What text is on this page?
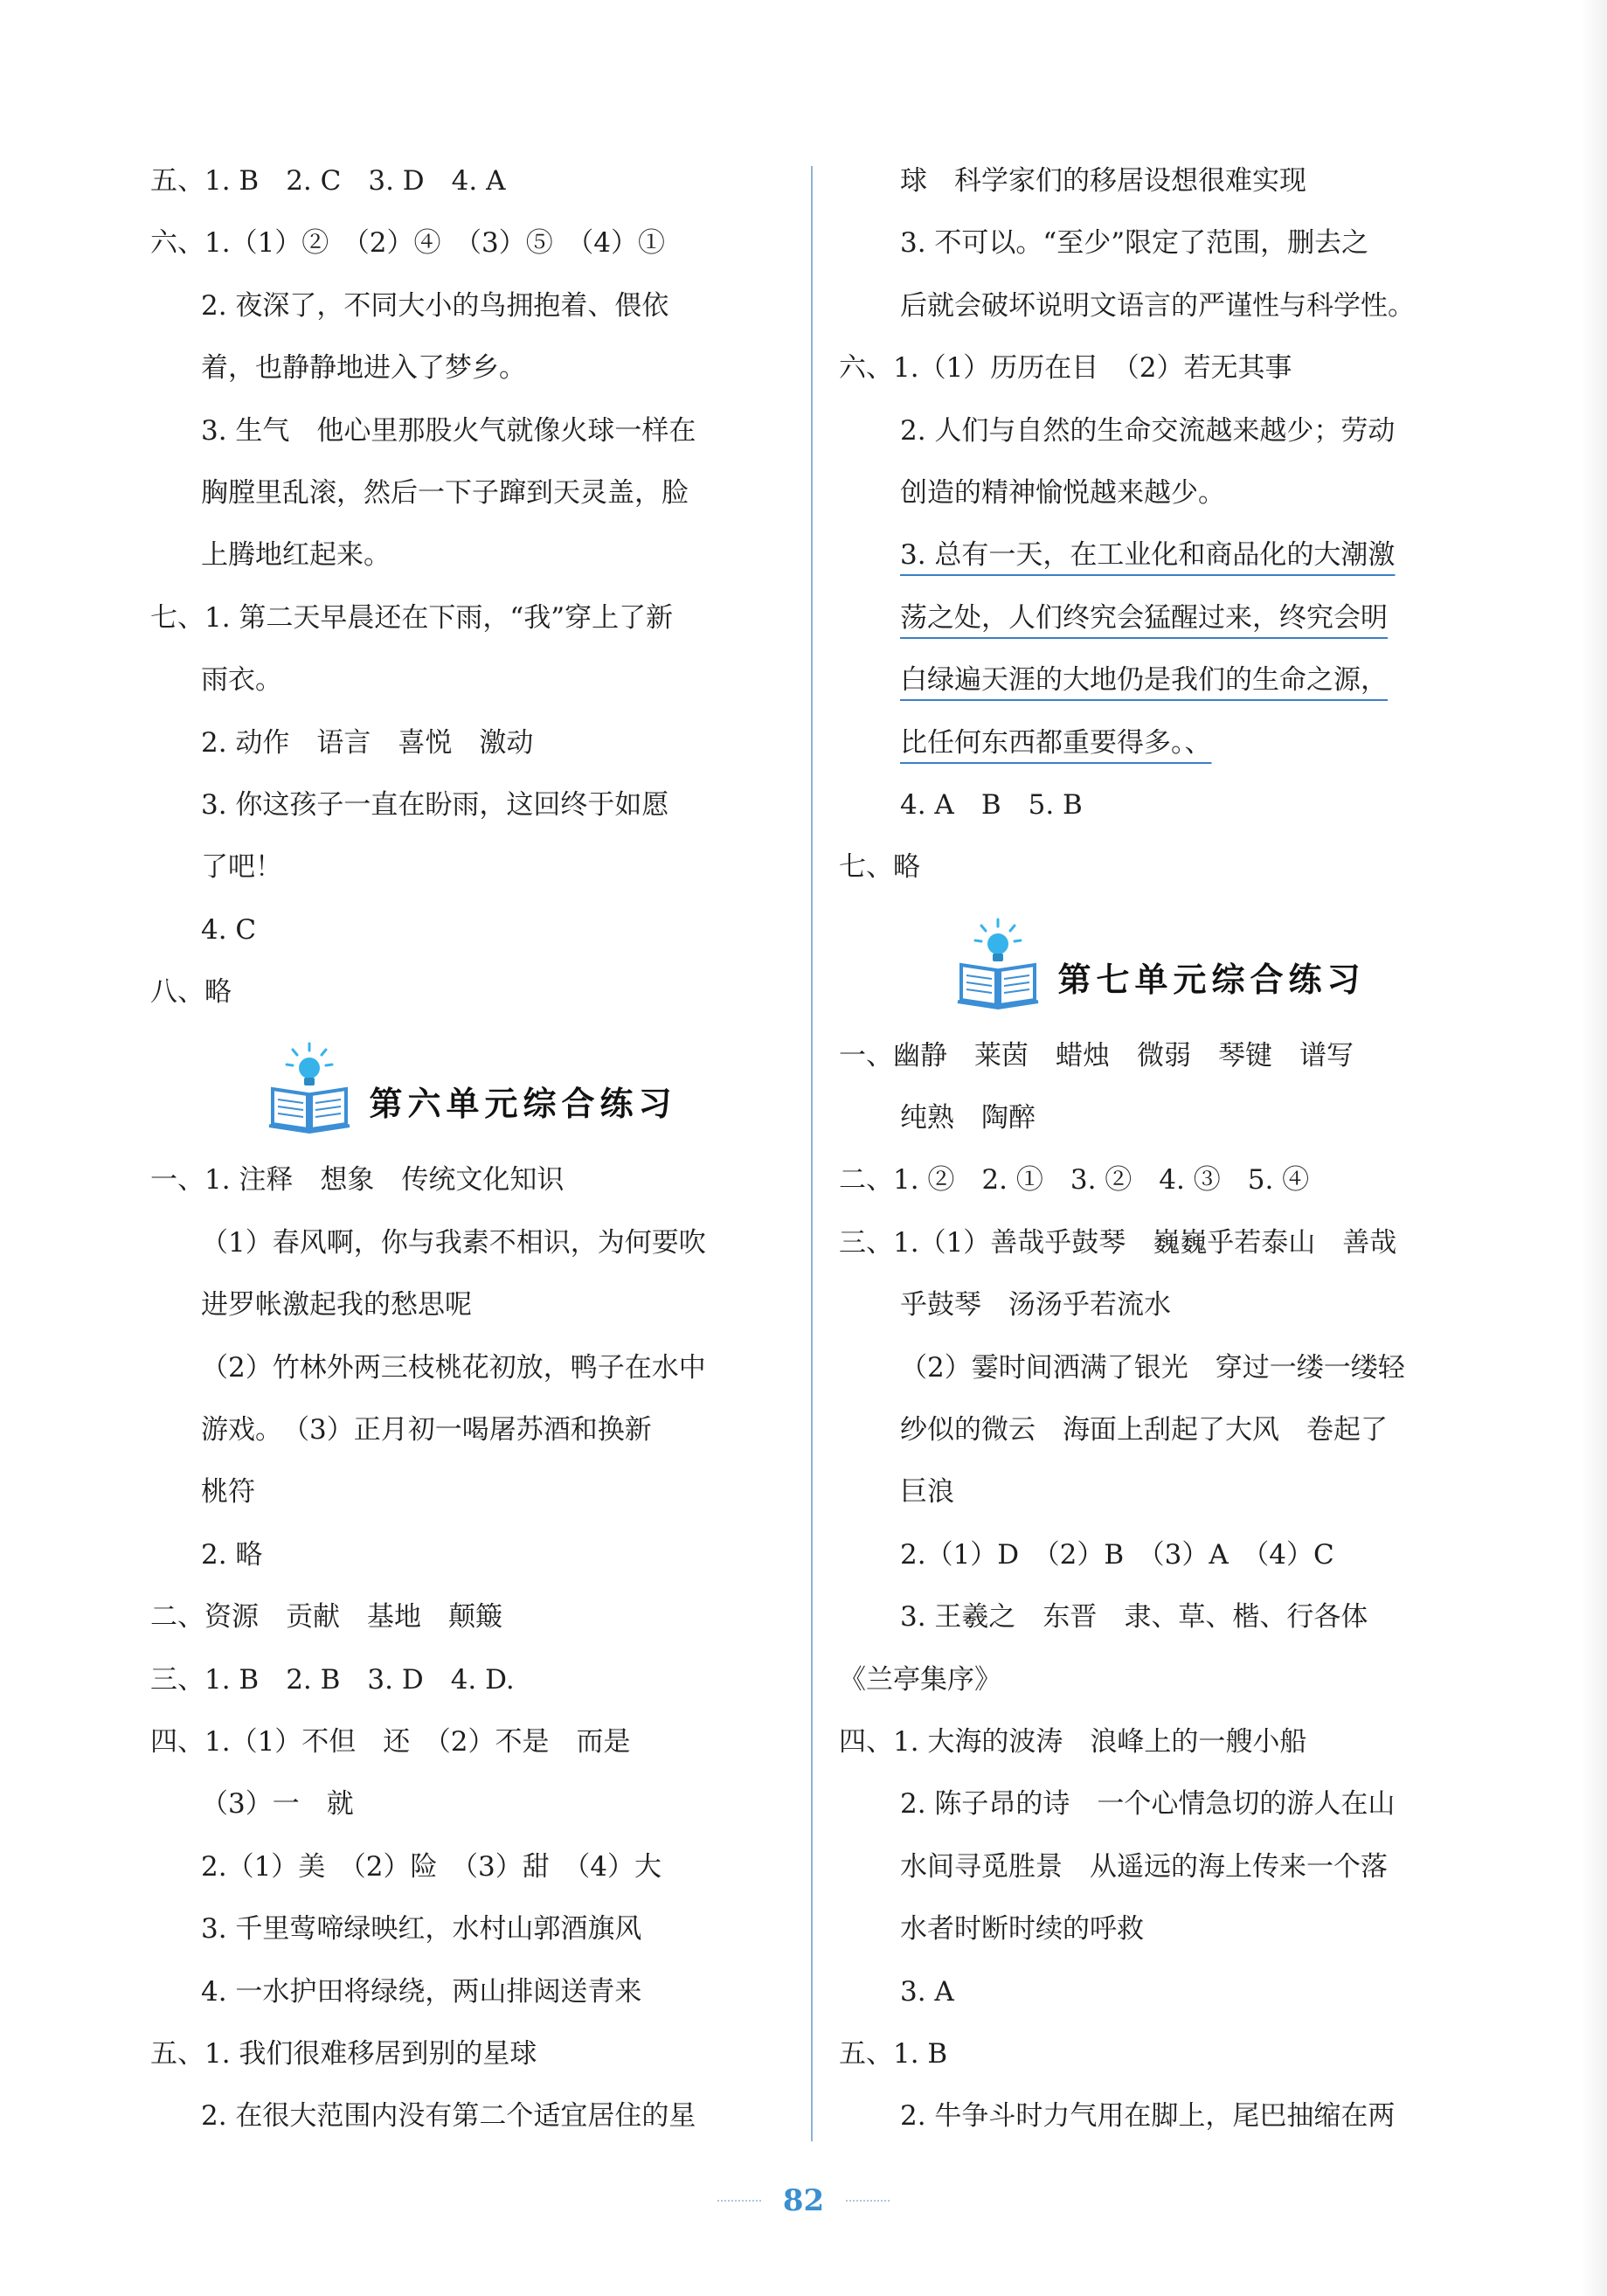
五、1. B　2. C　3. D　4. A
六、1.（1）②　（2）④　（3）⑤　（4）①
2. 夜深了，不同大小的鸟拥抱着、偎依
着，也静静地进入了梦乡。
3. 生气　他心里那股火气就像火球一样在
胸膛里乱滚，然后一下子蹿到天灵盖，脸
上腾地红起来。
七、1. 第二天早晨还在下雨，“我”穿上了新
雨衣。
2. 动作　语言　喜悦　激动
3. 你这孩子一直在盼雨，这回终于如愿
了吧！
4. C
八、略
第六单元综合练习
一、1. 注释　想象　传统文化知识
（1）春风啊，你与我素不相识，为何要吹
进罗帐激起我的愁思呢
（2）竹林外两三枝桃花初放，鸭子在水中
游戏。　（3）正月初一喝屠苏酒和换新
桃符
2. 略
二、资源　贡献　基地　颠簸
三、1. B　2. B　3. D　4. D.
四、1.（1）不但　还　（2）不是　而是
（3）一　就
2.（1）美　（2）险　（3）甜　（4）大
3. 千里莺啼绿映红，水村山郭酒旗风
4. 一水护田将绿绕，两山排闼送青来
五、1. 我们很难移居到别的星球
2. 在很大范围内没有第二个适宜居住的星
球　科学家们的移居设想很难实现
3. 不可以。“至少”限定了范围，删去之
后就会破坏说明文语言的严谨性与科学性。
六、1.（1）历历在目　（2）若无其事
2. 人们与自然的生命交流越来越少；劳动
创造的精神愉悦越来越少。
3. 总有一天，在工业化和商品化的大潮激
荡之处，人们终究会猛醒过来，终究会明
白绿遍天涯的大地仍是我们的生命之源，
比任何东西都重要得多。、
4. A　B　5. B
七、略
第七单元综合练习
一、幽静　莱茵　蜡烛　微弱　琴键　谱写
纯熟　陶醉
二、1. ②　2. ①　3. ②　4. ③　5. ④
三、1.（1）善哉乎鼓琴　巍巍乎若泰山　善哉
乎鼓琴　汤汤乎若流水
（2）霎时间洒满了银光　穿过一缕一缕轻
纱似的微云　海面上刮起了大风　卷起了
巨浪
2.（1）D　（2）B　（3）A　（4）C
3. 王羲之　东晋　隶、草、楷、行各体
《兰亭集序》
四、1. 大海的波涛　浪峰上的一艘小船
2. 陈子昂的诗　一个心情急切的游人在山
水间寻觅胜景　从遥远的海上传来一个落
水者时断时续的呼救
3. A
五、1. B
2. 牛争斗时力气用在脚上，尾巴抽缩在两
82
